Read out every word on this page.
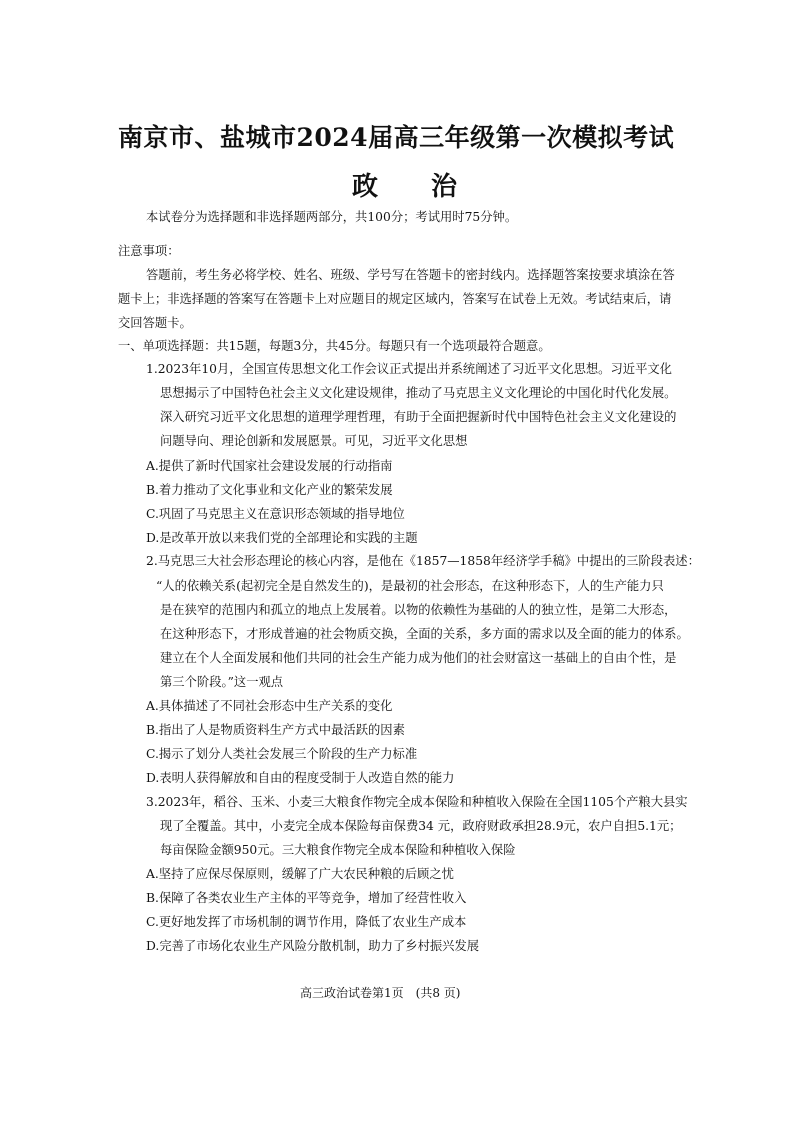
南京市、盐城市2024届高三年级第一次模拟考试
政 治
本试卷分为选择题和非选择题两部分，共100分；考试用时75分钟。
注意事项：
答题前，考生务必将学校、姓名、班级、学号写在答题卡的密封线内。选择题答案按要求填涂在答
题卡上；非选择题的答案写在答题卡上对应题目的规定区域内，答案写在试卷上无效。考试结束后，请
交回答题卡。
一、单项选择题：共15题，每题3分，共45分。每题只有一个选项最符合题意。
1.2023年10月，全国宣传思想文化工作会议正式提出并系统阐述了习近平文化思想。习近平文化
思想揭示了中国特色社会主义文化建设规律，推动了马克思主义文化理论的中国化时代化发展。
深入研究习近平文化思想的道理学理哲理，有助于全面把握新时代中国特色社会主义文化建设的
问题导向、理论创新和发展愿景。可见，习近平文化思想
A.提供了新时代国家社会建设发展的行动指南
B.着力推动了文化事业和文化产业的繁荣发展
C.巩固了马克思主义在意识形态领域的指导地位
D.是改革开放以来我们党的全部理论和实践的主题
2.马克思三大社会形态理论的核心内容，是他在《1857—1858年经济学手稿》中提出的三阶段表述：
“人的依赖关系(起初完全是自然发生的)，是最初的社会形态，在这种形态下，人的生产能力只
是在狭窄的范围内和孤立的地点上发展着。以物的依赖性为基础的人的独立性，是第二大形态，
在这种形态下，才形成普遍的社会物质交换，全面的关系，多方面的需求以及全面的能力的体系。
建立在个人全面发展和他们共同的社会生产能力成为他们的社会财富这一基础上的自由个性，是
第三个阶段。”这一观点
A.具体描述了不同社会形态中生产关系的变化
B.指出了人是物质资料生产方式中最活跃的因素
C.揭示了划分人类社会发展三个阶段的生产力标准
D.表明人获得解放和自由的程度受制于人改造自然的能力
3.2023年，稻谷、玉米、小麦三大粮食作物完全成本保险和种植收入保险在全国1105个产粮大县实
现了全覆盖。其中，小麦完全成本保险每亩保费34 元，政府财政承担28.9元，农户自担5.1元；
每亩保险金额950元。三大粮食作物完全成本保险和种植收入保险
A.坚持了应保尽保原则，缓解了广大农民种粮的后顾之忧
B.保障了各类农业生产主体的平等竞争，增加了经营性收入
C.更好地发挥了市场机制的调节作用，降低了农业生产成本
D.完善了市场化农业生产风险分散机制，助力了乡村振兴发展
高三政治试卷第1页　(共8 页)
